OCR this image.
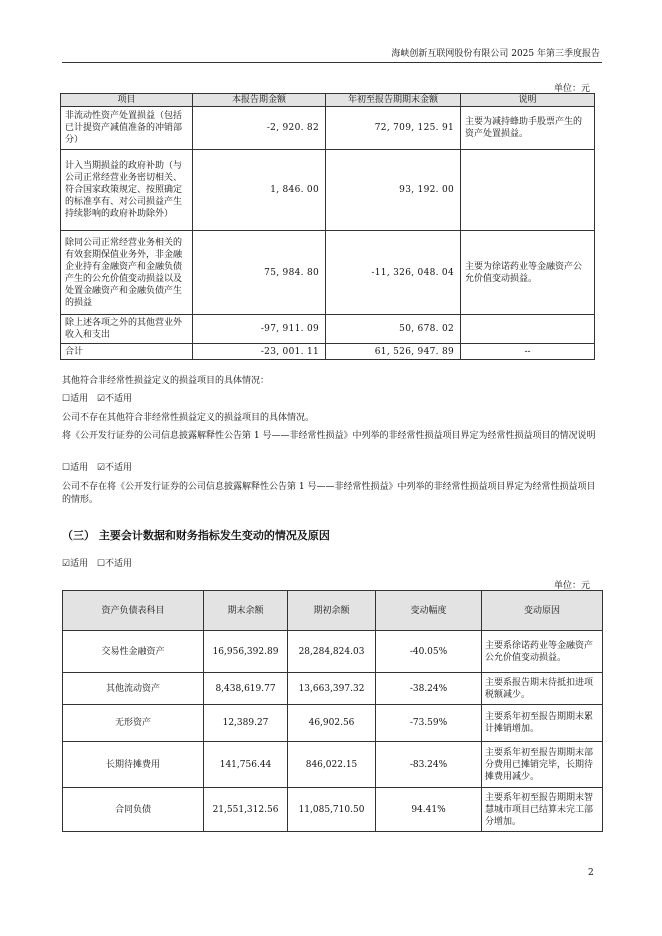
海峡创新互联网股份有限公司 2025 年第三季度报告
单位：元
项目	本报告期金额	年初至报告期期末金额	说明
非流动性资产处置损益（包括已计提资产减值准备的冲销部分）	-2, 920. 82	72, 709, 125. 91	主要为减持蜂助手股票产生的资产处置损益。
计入当期损益的政府补助（与公司正常经营业务密切相关、符合国家政策规定、按照确定的标准享有、对公司损益产生持续影响的政府补助除外）	1, 846. 00	93, 192. 00	
除同公司正常经营业务相关的有效套期保值业务外，非金融企业持有金融资产和金融负债产生的公允价值变动损益以及处置金融资产和金融负债产生的损益	75, 984. 80	-11, 326, 048. 04	主要为徐诺药业等金融资产公允价值变动损益。
除上述各项之外的其他营业外收入和支出	-97, 911. 09	50, 678. 02	
合计	-23, 001. 11	61, 526, 947. 89	--
其他符合非经常性损益定义的损益项目的具体情况：
☐适用 ☑不适用
公司不存在其他符合非经常性损益定义的损益项目的具体情况。
将《公开发行证券的公司信息披露解释性公告第 1 号——非经常性损益》中列举的非经常性损益项目界定为经常性损益项目的情况说明
☐适用 ☑不适用
公司不存在将《公开发行证券的公司信息披露解释性公告第 1 号——非经常性损益》中列举的非经常性损益项目界定为经常性损益项目的情形。
（三） 主要会计数据和财务指标发生变动的情况及原因
☑适用 ☐不适用
单位：元
资产负债表科目	期末余额	期初余额	变动幅度	变动原因
交易性金融资产	16,956,392.89	28,284,824.03	-40.05%	主要系徐诺药业等金融资产公允价值变动损益。
其他流动资产	8,438,619.77	13,663,397.32	-38.24%	主要系报告期末待抵扣进项税额减少。
无形资产	12,389.27	46,902.56	-73.59%	主要系年初至报告期期末累计摊销增加。
长期待摊费用	141,756.44	846,022.15	-83.24%	主要系年初至报告期期末部分费用已摊销完毕，长期待摊费用减少。
合同负债	21,551,312.56	11,085,710.50	94.41%	主要系年初至报告期期末智慧城市项目已结算未完工部分增加。
2
